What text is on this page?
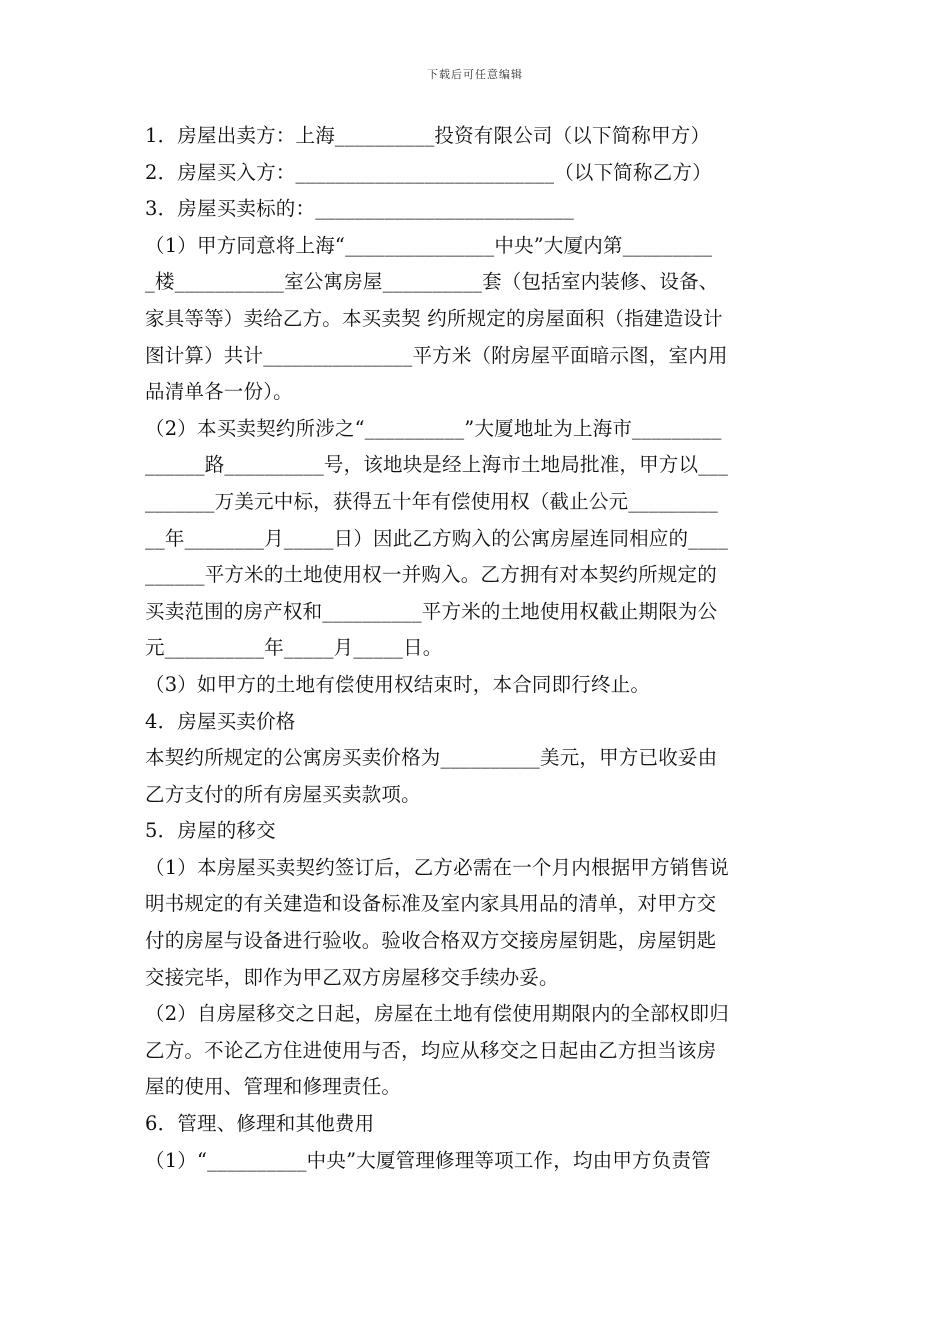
下载后可任意编辑
1．房屋出卖方：上海__________投资有限公司（以下简称甲方）
2．房屋买入方：__________________________（以下简称乙方）
3．房屋买卖标的：__________________________
（1）甲方同意将上海“_______________中央”大厦内第_________
_楼___________室公寓房屋__________套（包括室内装修、设备、
家具等等）卖给乙方。本买卖契 约所规定的房屋面积（指建造设计
图计算）共计_______________平方米（附房屋平面暗示图，室内用
品清单各一份）。
（2）本买卖契约所涉之“__________”大厦地址为上海市_________
______路__________号，该地块是经上海市土地局批准，甲方以___
_______万美元中标，获得五十年有偿使用权（截止公元_________
__年________月_____日）因此乙方购入的公寓房屋连同相应的____
______平方米的土地使用权一并购入。乙方拥有对本契约所规定的
买卖范围的房产权和__________平方米的土地使用权截止期限为公
元__________年_____月_____日。
（3）如甲方的土地有偿使用权结束时，本合同即行终止。
4．房屋买卖价格
本契约所规定的公寓房买卖价格为__________美元，甲方已收妥由
乙方支付的所有房屋买卖款项。
5．房屋的移交
（1）本房屋买卖契约签订后，乙方必需在一个月内根据甲方销售说
明书规定的有关建造和设备标准及室内家具用品的清单，对甲方交
付的房屋与设备进行验收。验收合格双方交接房屋钥匙，房屋钥匙
交接完毕，即作为甲乙双方房屋移交手续办妥。
（2）自房屋移交之日起，房屋在土地有偿使用期限内的全部权即归
乙方。不论乙方住进使用与否，均应从移交之日起由乙方担当该房
屋的使用、管理和修理责任。
6．管理、修理和其他费用
（1）“__________中央”大厦管理修理等项工作，均由甲方负责管
